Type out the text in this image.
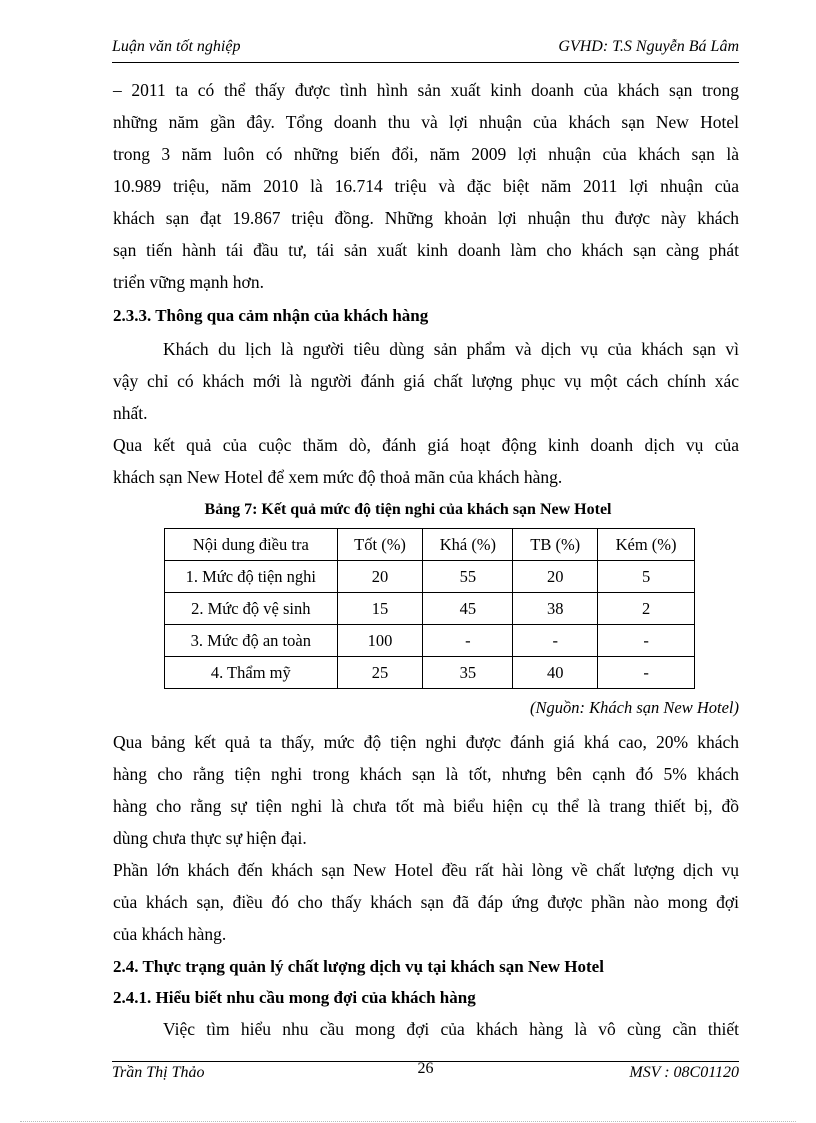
Luận văn tốt nghiệp	GVHD: T.S Nguyễn Bá Lâm
– 2011 ta có thể thấy được tình hình sản xuất kinh doanh của khách sạn trong
những năm gần đây. Tổng doanh thu và lợi nhuận của khách sạn New Hotel
trong 3 năm luôn có những biến đổi, năm 2009 lợi nhuận của khách sạn là
10.989 triệu, năm 2010 là 16.714 triệu và đặc biệt năm 2011 lợi nhuận của
khách sạn đạt 19.867 triệu đồng. Những khoản lợi nhuận thu được này khách
sạn tiến hành tái đầu tư, tái sản xuất kinh doanh làm cho khách sạn càng phát
triển vững mạnh hơn.
2.3.3. Thông qua cảm nhận của khách hàng
Khách du lịch là người tiêu dùng sản phẩm và dịch vụ của khách sạn vì
vậy chỉ có khách mới là người đánh giá chất lượng phục vụ một cách chính xác
nhất.
Qua kết quả của cuộc thăm dò, đánh giá hoạt động kinh doanh dịch vụ của
khách sạn New Hotel để xem mức độ thoả mãn của khách hàng.
Bảng 7: Kết quả mức độ tiện nghi của khách sạn New Hotel
Nội dung điều tra	Tốt (%)	Khá (%)	TB (%)	Kém (%)
1. Mức độ tiện nghi	20	55	20	5
2. Mức độ vệ sinh	15	45	38	2
3. Mức độ an toàn	100	-	-	-
4. Thẩm mỹ	25	35	40	-
(Nguồn: Khách sạn New Hotel)
Qua bảng kết quả ta thấy, mức độ tiện nghi được đánh giá khá cao, 20% khách
hàng cho rằng tiện nghi trong khách sạn là tốt, nhưng bên cạnh đó 5% khách
hàng cho rằng sự tiện nghi là chưa tốt mà biểu hiện cụ thể là trang thiết bị, đồ
dùng chưa thực sự hiện đại.
Phần lớn khách đến khách sạn New Hotel đều rất hài lòng về chất lượng dịch vụ
của khách sạn, điều đó cho thấy khách sạn đã đáp ứng được phần nào mong đợi
của khách hàng.
2.4. Thực trạng quản lý chất lượng dịch vụ tại khách sạn New Hotel
2.4.1. Hiểu biết nhu cầu mong đợi của khách hàng
Việc tìm hiểu nhu cầu mong đợi của khách hàng là vô cùng cần thiết
Trần Thị Thảo	26	MSV : 08C01120
